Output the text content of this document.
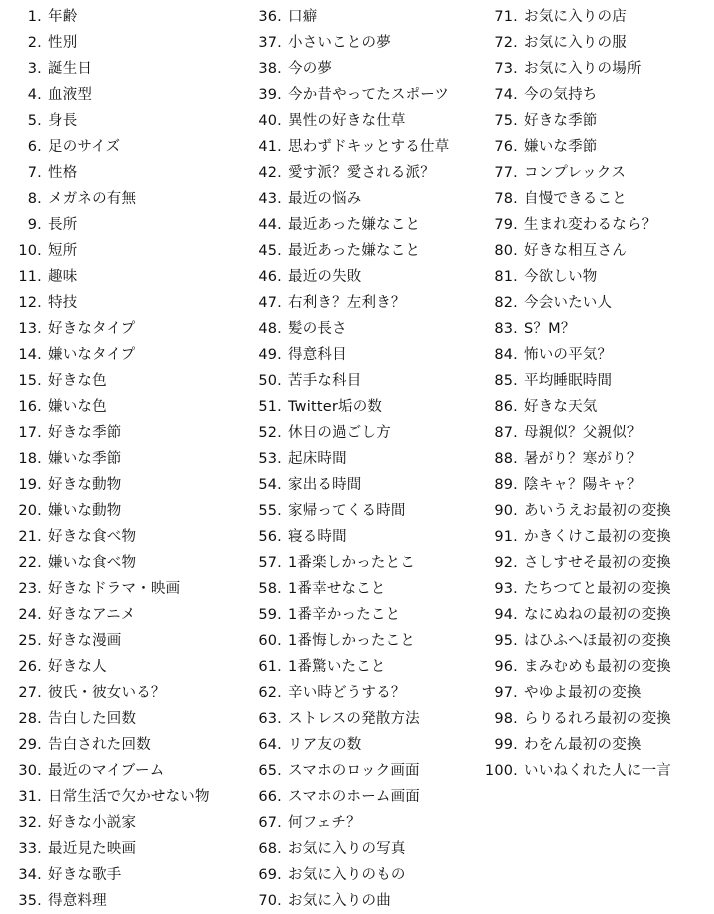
1. 年齢
2. 性別
3. 誕生日
4. 血液型
5. 身長
6. 足のサイズ
7. 性格
8. メガネの有無
9. 長所
10. 短所
11. 趣味
12. 特技
13. 好きなタイプ
14. 嫌いなタイプ
15. 好きな色
16. 嫌いな色
17. 好きな季節
18. 嫌いな季節
19. 好きな動物
20. 嫌いな動物
21. 好きな食べ物
22. 嫌いな食べ物
23. 好きなドラマ・映画
24. 好きなアニメ
25. 好きな漫画
26. 好きな人
27. 彼氏・彼女いる？
28. 告白した回数
29. 告白された回数
30. 最近のマイブーム
31. 日常生活で欠かせない物
32. 好きな小説家
33. 最近見た映画
34. 好きな歌手
35. 得意料理
36. 口癖
37. 小さいことの夢
38. 今の夢
39. 今か昔やってたスポーツ
40. 異性の好きな仕草
41. 思わずドキッとする仕草
42. 愛す派？愛される派？
43. 最近の悩み
44. 最近あった嫌なこと
45. 最近あった嫌なこと
46. 最近の失敗
47. 右利き？左利き？
48. 髪の長さ
49. 得意科目
50. 苦手な科目
51. Twitter垢の数
52. 休日の過ごし方
53. 起床時間
54. 家出る時間
55. 家帰ってくる時間
56. 寝る時間
57. 1番楽しかったとこ
58. 1番幸せなこと
59. 1番辛かったこと
60. 1番悔しかったこと
61. 1番驚いたこと
62. 辛い時どうする？
63. ストレスの発散方法
64. リア友の数
65. スマホのロック画面
66. スマホのホーム画面
67. 何フェチ？
68. お気に入りの写真
69. お気に入りのもの
70. お気に入りの曲
71. お気に入りの店
72. お気に入りの服
73. お気に入りの場所
74. 今の気持ち
75. 好きな季節
76. 嫌いな季節
77. コンプレックス
78. 自慢できること
79. 生まれ変わるなら？
80. 好きな相互さん
81. 今欲しい物
82. 今会いたい人
83. S？M？
84. 怖いの平気？
85. 平均睡眠時間
86. 好きな天気
87. 母親似？父親似？
88. 暑がり？寒がり？
89. 陰キャ？陽キャ？
90. あいうえお最初の変換
91. かきくけこ最初の変換
92. さしすせそ最初の変換
93. たちつてと最初の変換
94. なにぬねの最初の変換
95. はひふへほ最初の変換
96. まみむめも最初の変換
97. やゆよ最初の変換
98. らりるれろ最初の変換
99. わをん最初の変換
100. いいねくれた人に一言
